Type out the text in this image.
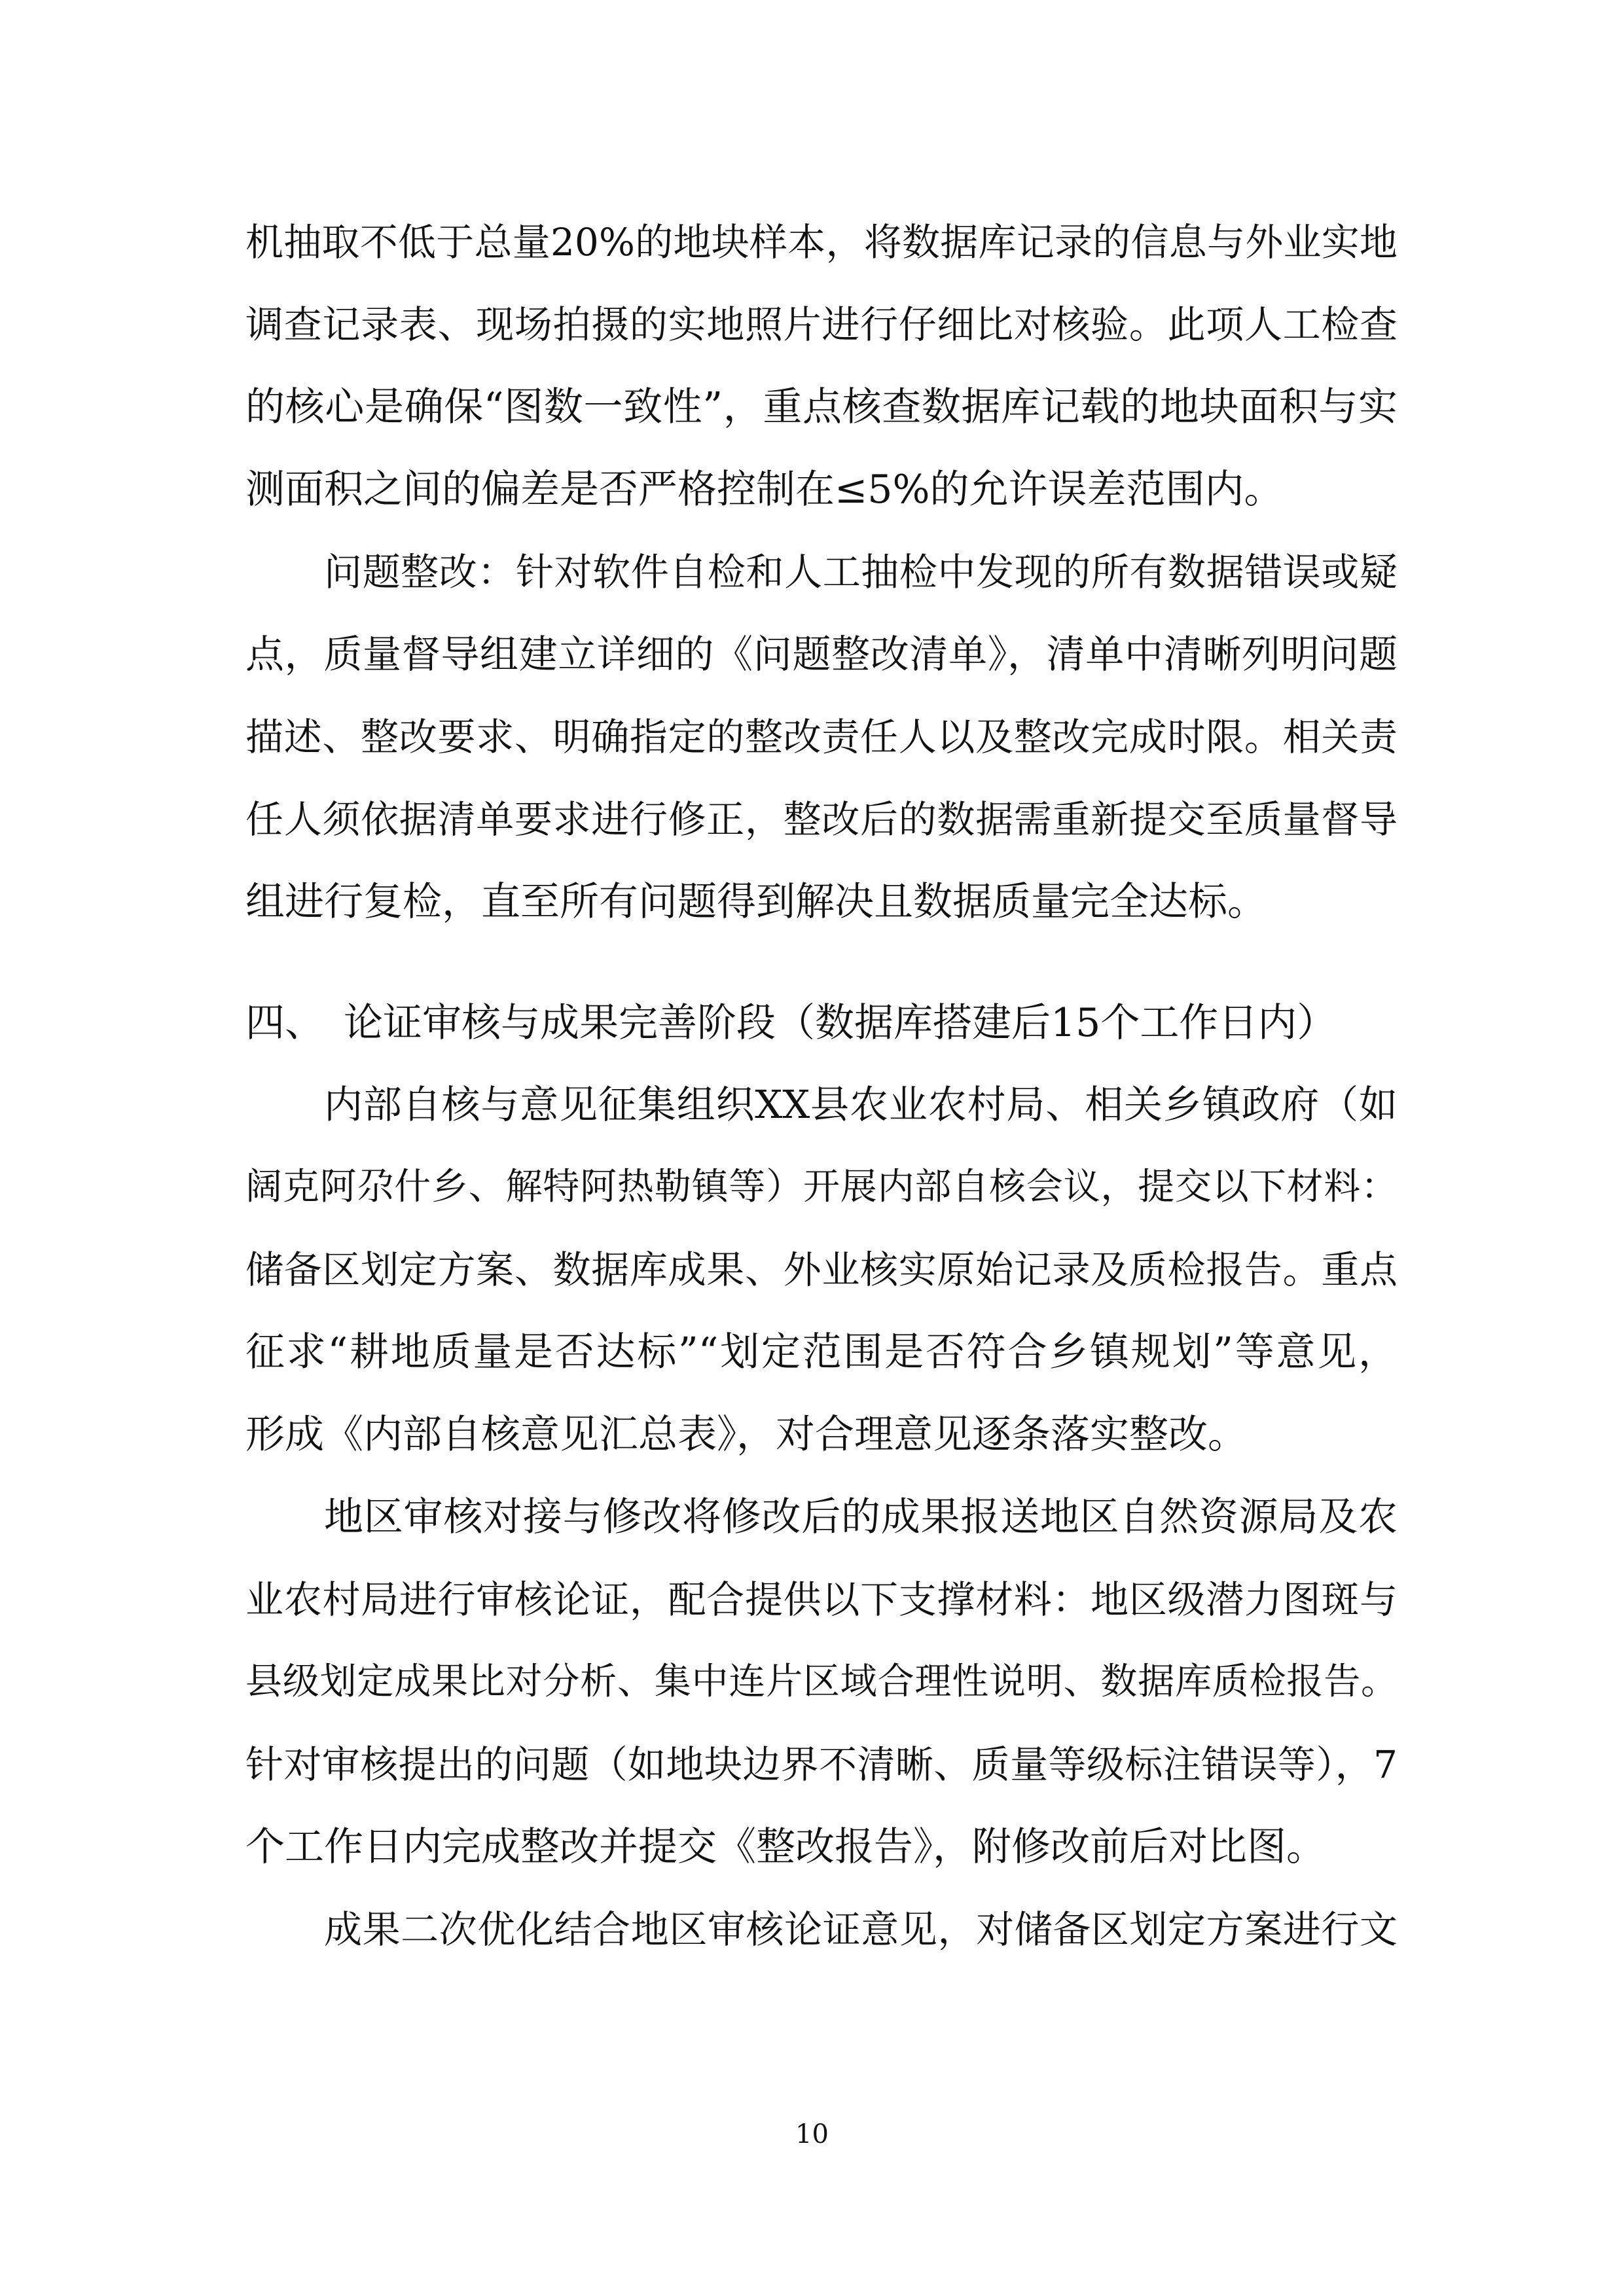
机抽取不低于总量20%的地块样本，将数据库记录的信息与外业实地
调查记录表、现场拍摄的实地照片进行仔细比对核验。此项人工检查
的核心是确保“图数一致性”，重点核查数据库记载的地块面积与实
测面积之间的偏差是否严格控制在≤5%的允许误差范围内。
问题整改：针对软件自检和人工抽检中发现的所有数据错误或疑
点，质量督导组建立详细的《问题整改清单》，清单中清晰列明问题
描述、整改要求、明确指定的整改责任人以及整改完成时限。相关责
任人须依据清单要求进行修正，整改后的数据需重新提交至质量督导
组进行复检，直至所有问题得到解决且数据质量完全达标。
四、 论证审核与成果完善阶段（数据库搭建后15个工作日内）
内部自核与意见征集组织XX县农业农村局、相关乡镇政府（如
阔克阿尕什乡、解特阿热勒镇等）开展内部自核会议，提交以下材料：
储备区划定方案、数据库成果、外业核实原始记录及质检报告。重点
征求“耕地质量是否达标”“划定范围是否符合乡镇规划”等意见，
形成《内部自核意见汇总表》，对合理意见逐条落实整改。
地区审核对接与修改将修改后的成果报送地区自然资源局及农
业农村局进行审核论证，配合提供以下支撑材料：地区级潜力图斑与
县级划定成果比对分析、集中连片区域合理性说明、数据库质检报告。
针对审核提出的问题（如地块边界不清晰、质量等级标注错误等），7
个工作日内完成整改并提交《整改报告》，附修改前后对比图。
成果二次优化结合地区审核论证意见，对储备区划定方案进行文
10
